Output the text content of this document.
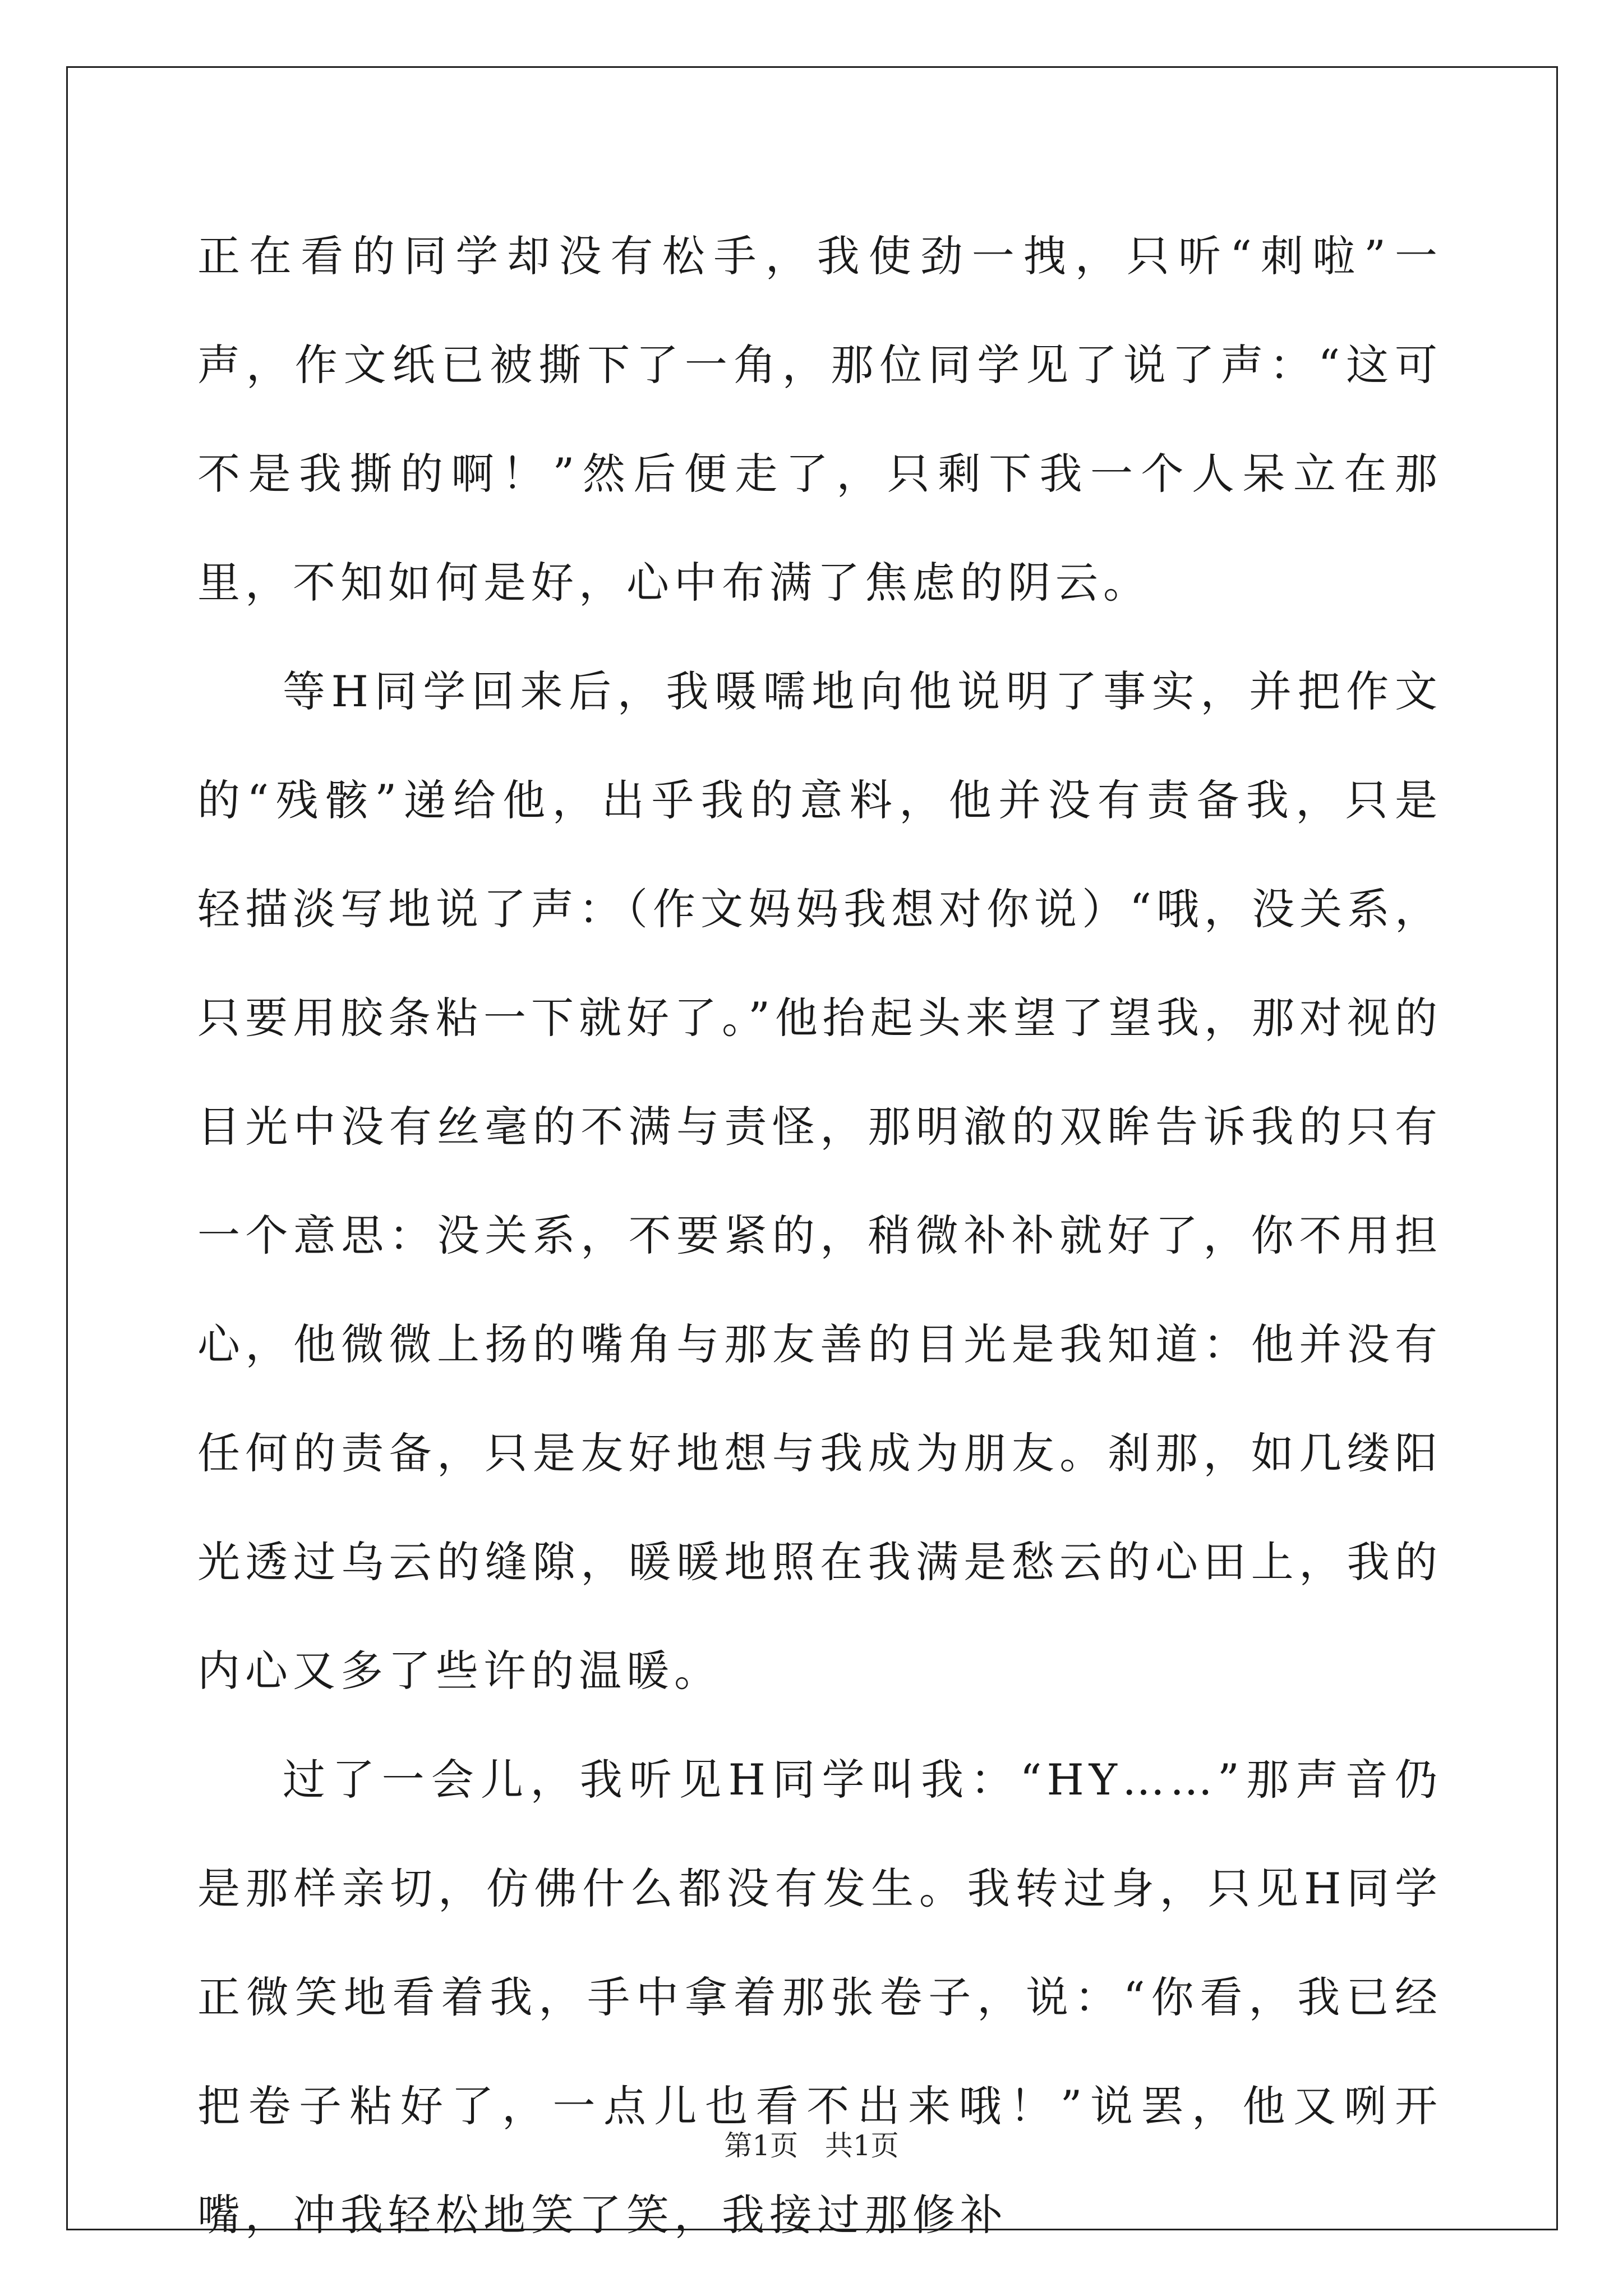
正在看的同学却没有松手，我使劲一拽，只听“刺啦”一声，作文纸已被撕下了一角，那位同学见了说了声：“这可不是我撕的啊！”然后便走了，只剩下我一个人呆立在那里，不知如何是好，心中布满了焦虑的阴云。

等H同学回来后，我嗫嚅地向他说明了事实，并把作文的“残骸”递给他，出乎我的意料，他并没有责备我，只是轻描淡写地说了声：（作文妈妈我想对你说）“哦，没关系，只要用胶条粘一下就好了。”他抬起头来望了望我，那对视的目光中没有丝毫的不满与责怪，那明澈的双眸告诉我的只有一个意思：没关系，不要紧的，稍微补补就好了，你不用担心，他微微上扬的嘴角与那友善的目光是我知道：他并没有任何的责备，只是友好地想与我成为朋友。刹那，如几缕阳光透过乌云的缝隙，暖暖地照在我满是愁云的心田上，我的内心又多了些许的温暖。

过了一会儿，我听见H同学叫我：“HY……”那声音仍是那样亲切，仿佛什么都没有发生。我转过身，只见H同学正微笑地看着我，手中拿着那张卷子，说：“你看，我已经把卷子粘好了，一点儿也看不出来哦！”说罢，他又咧开嘴，冲我轻松地笑了笑，我接过那修补

第1页   共1页
